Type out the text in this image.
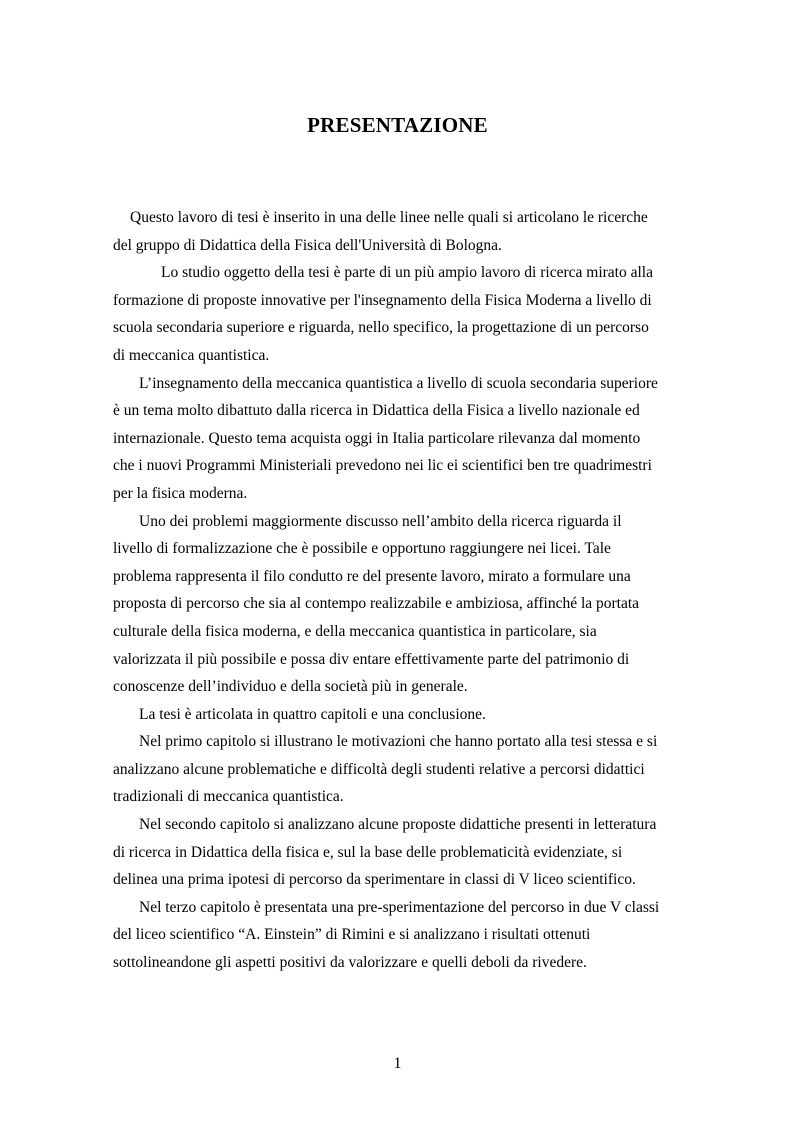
PRESENTAZIONE
Questo lavoro di tesi è inserito in una delle linee nelle quali si articolano le ricerche
del gruppo di Didattica della Fisica dell'Università di Bologna.
Lo studio oggetto della tesi è parte di un più ampio lavoro di ricerca mirato alla
formazione di proposte innovative per l'insegnamento della Fisica Moderna a livello di
scuola secondaria superiore e riguarda, nello specifico, la progettazione di un percorso
di meccanica quantistica.
L’insegnamento della meccanica quantistica a livello di scuola secondaria superiore
è un tema molto dibattuto dalla ricerca in Didattica della Fisica a livello nazionale ed
internazionale. Questo tema acquista oggi in Italia particolare rilevanza dal momento
che i nuovi Programmi Ministeriali prevedono nei lic ei scientifici ben tre quadrimestri
per la fisica moderna.
Uno dei problemi maggiormente discusso nell’ambito della ricerca riguarda il
livello di formalizzazione che è possibile e opportuno raggiungere nei licei. Tale
problema rappresenta il filo condutto re del presente lavoro, mirato a formulare una
proposta di percorso che sia al contempo realizzabile e ambiziosa, affinché la portata
culturale della fisica moderna, e della meccanica quantistica in particolare, sia
valorizzata il più possibile e possa div entare effettivamente parte del patrimonio di
conoscenze dell’individuo e della società più in generale.
La tesi è articolata in quattro capitoli e una conclusione.
Nel primo capitolo si illustrano le motivazioni che hanno portato alla tesi stessa e si
analizzano alcune problematiche e difficoltà degli studenti relative a percorsi didattici
tradizionali di meccanica quantistica.
Nel secondo capitolo si analizzano alcune proposte didattiche presenti in letteratura
di ricerca in Didattica della fisica e, sul la base delle problematicità evidenziate, si
delinea una prima ipotesi di percorso da sperimentare in classi di V liceo scientifico.
Nel terzo capitolo è presentata una pre-sperimentazione del percorso in due V classi
del liceo scientifico “A. Einstein” di Rimini e si analizzano i risultati ottenuti
sottolineandone gli aspetti positivi da valorizzare e quelli deboli da rivedere.
1
